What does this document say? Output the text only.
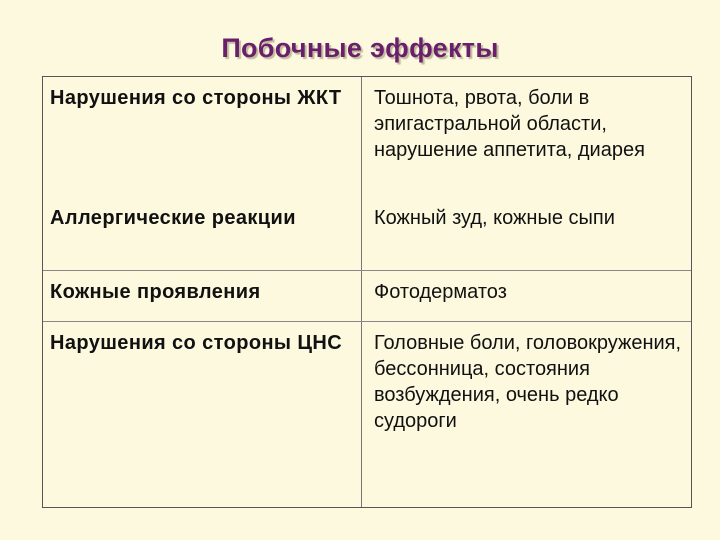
Побочные эффекты
Нарушения со стороны ЖКТ	Тошнота, рвота, боли в эпигастральной области, нарушение аппетита, диарея
Аллергические реакции	Кожный зуд, кожные сыпи
Кожные проявления	Фотодерматоз
Нарушения со стороны ЦНС	Головные боли, головокружения, бессонница, состояния возбуждения, очень редко судороги
